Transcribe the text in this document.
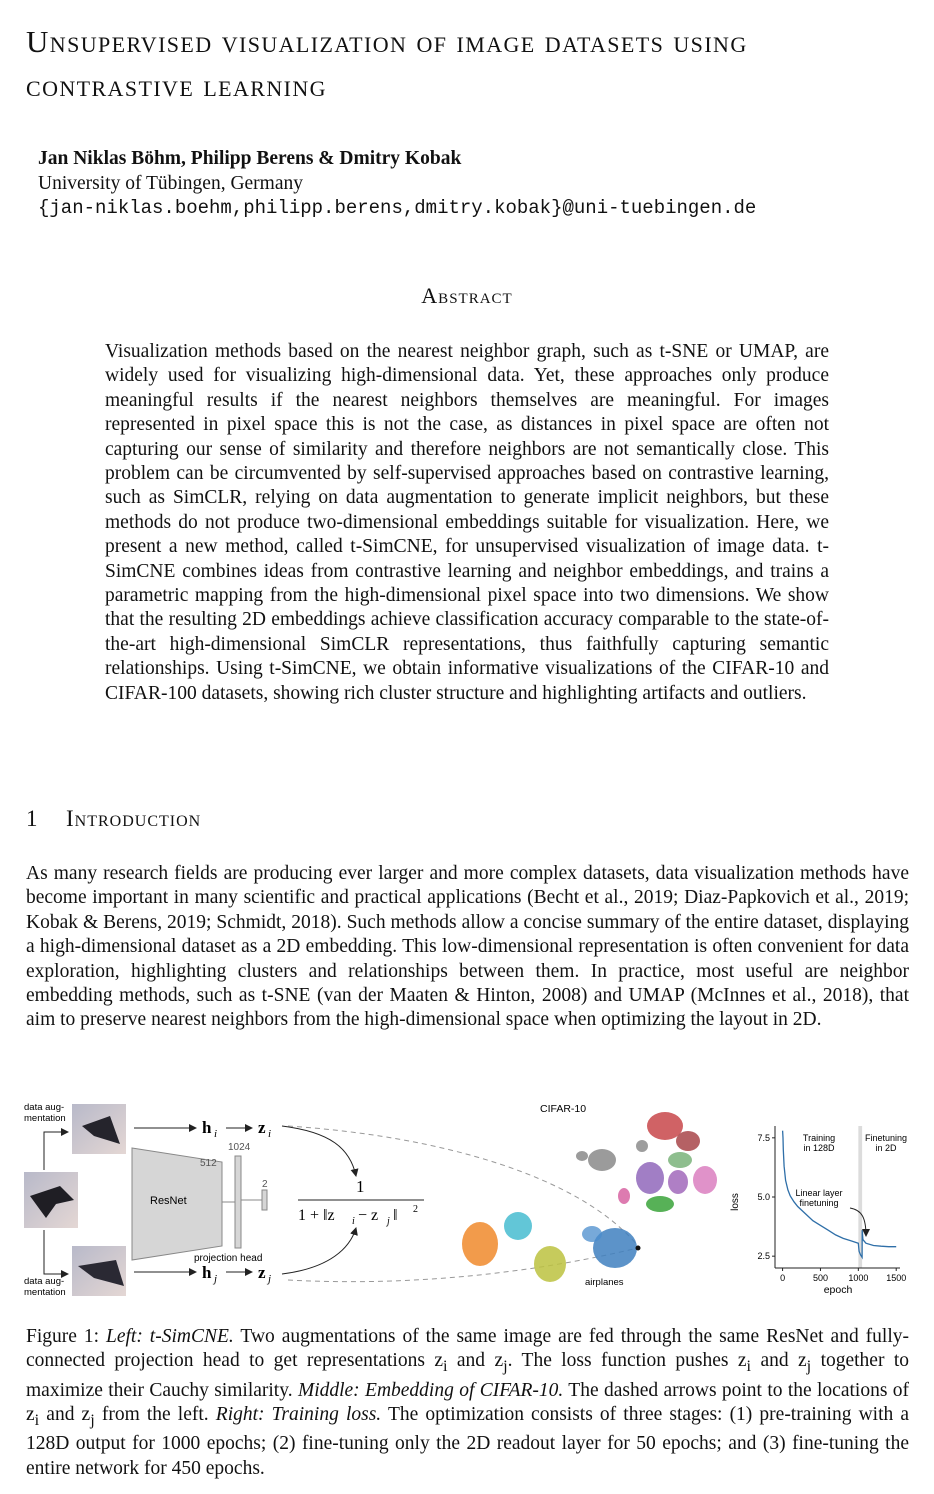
Unsupervised visualization of image datasets using contrastive learning
Jan Niklas Böhm, Philipp Berens & Dmitry Kobak
University of Tübingen, Germany
{jan-niklas.boehm,philipp.berens,dmitry.kobak}@uni-tuebingen.de
Abstract

Visualization methods based on the nearest neighbor graph, such as t-SNE or UMAP, are widely used for visualizing high-dimensional data. Yet, these approaches only produce meaningful results if the nearest neighbors themselves are meaningful. For images represented in pixel space this is not the case, as distances in pixel space are often not capturing our sense of similarity and therefore neighbors are not semantically close. This problem can be circumvented by self-supervised approaches based on contrastive learning, such as SimCLR, relying on data augmentation to generate implicit neighbors, but these methods do not produce two-dimensional embeddings suitable for visualization. Here, we present a new method, called t-SimCNE, for unsupervised visualization of image data. t-SimCNE combines ideas from contrastive learning and neighbor embeddings, and trains a parametric mapping from the high-dimensional pixel space into two dimensions. We show that the resulting 2D embeddings achieve classification accuracy comparable to the state-of-the-art high-dimensional SimCLR representations, thus faithfully capturing semantic relationships. Using t-SimCNE, we obtain informative visualizations of the CIFAR-10 and CIFAR-100 datasets, showing rich cluster structure and highlighting artifacts and outliers.

1 Introduction

As many research fields are producing ever larger and more complex datasets, data visualization methods have become important in many scientific and practical applications (Becht et al., 2019; Diaz-Papkovich et al., 2019; Kobak & Berens, 2019; Schmidt, 2018). Such methods allow a concise summary of the entire dataset, displaying a high-dimensional dataset as a 2D embedding. This low-dimensional representation is often convenient for data exploration, highlighting clusters and relationships between them. In practice, most useful are neighbor embedding methods, such as t-SNE (van der Maaten & Hinton, 2008) and UMAP (McInnes et al., 2018), that aim to preserve nearest neighbors from the high-dimensional space when optimizing the layout in 2D.

data aug-
mentation
data aug-
mentation
ResNet
512
1024
2
projection head
h i z i
h j z j
1
1 + ‖z i − z j ‖ 2
CIFAR-10
airplanes
2.5
5.0
7.5
0	500 1000 1500
loss
epoch
Training
in 128D
Finetuning
in 2D
Linear layer
finetuning

Figure 1: Left: t-SimCNE. Two augmentations of the same image are fed through the same ResNet and fully-connected projection head to get representations $z_i$ and $z_j$. The loss function pushes $z_i$ and $z_j$ together to maximize their Cauchy similarity. Middle: Embedding of CIFAR-10. The dashed arrows point to the locations of $z_i$ and $z_j$ from the left. Right: Training loss. The optimization consists of three stages: (1) pre-training with a 128D output for 1000 epochs; (2) fine-tuning only the 2D readout layer for 50 epochs; and (3) fine-tuning the entire network for 450 epochs.
